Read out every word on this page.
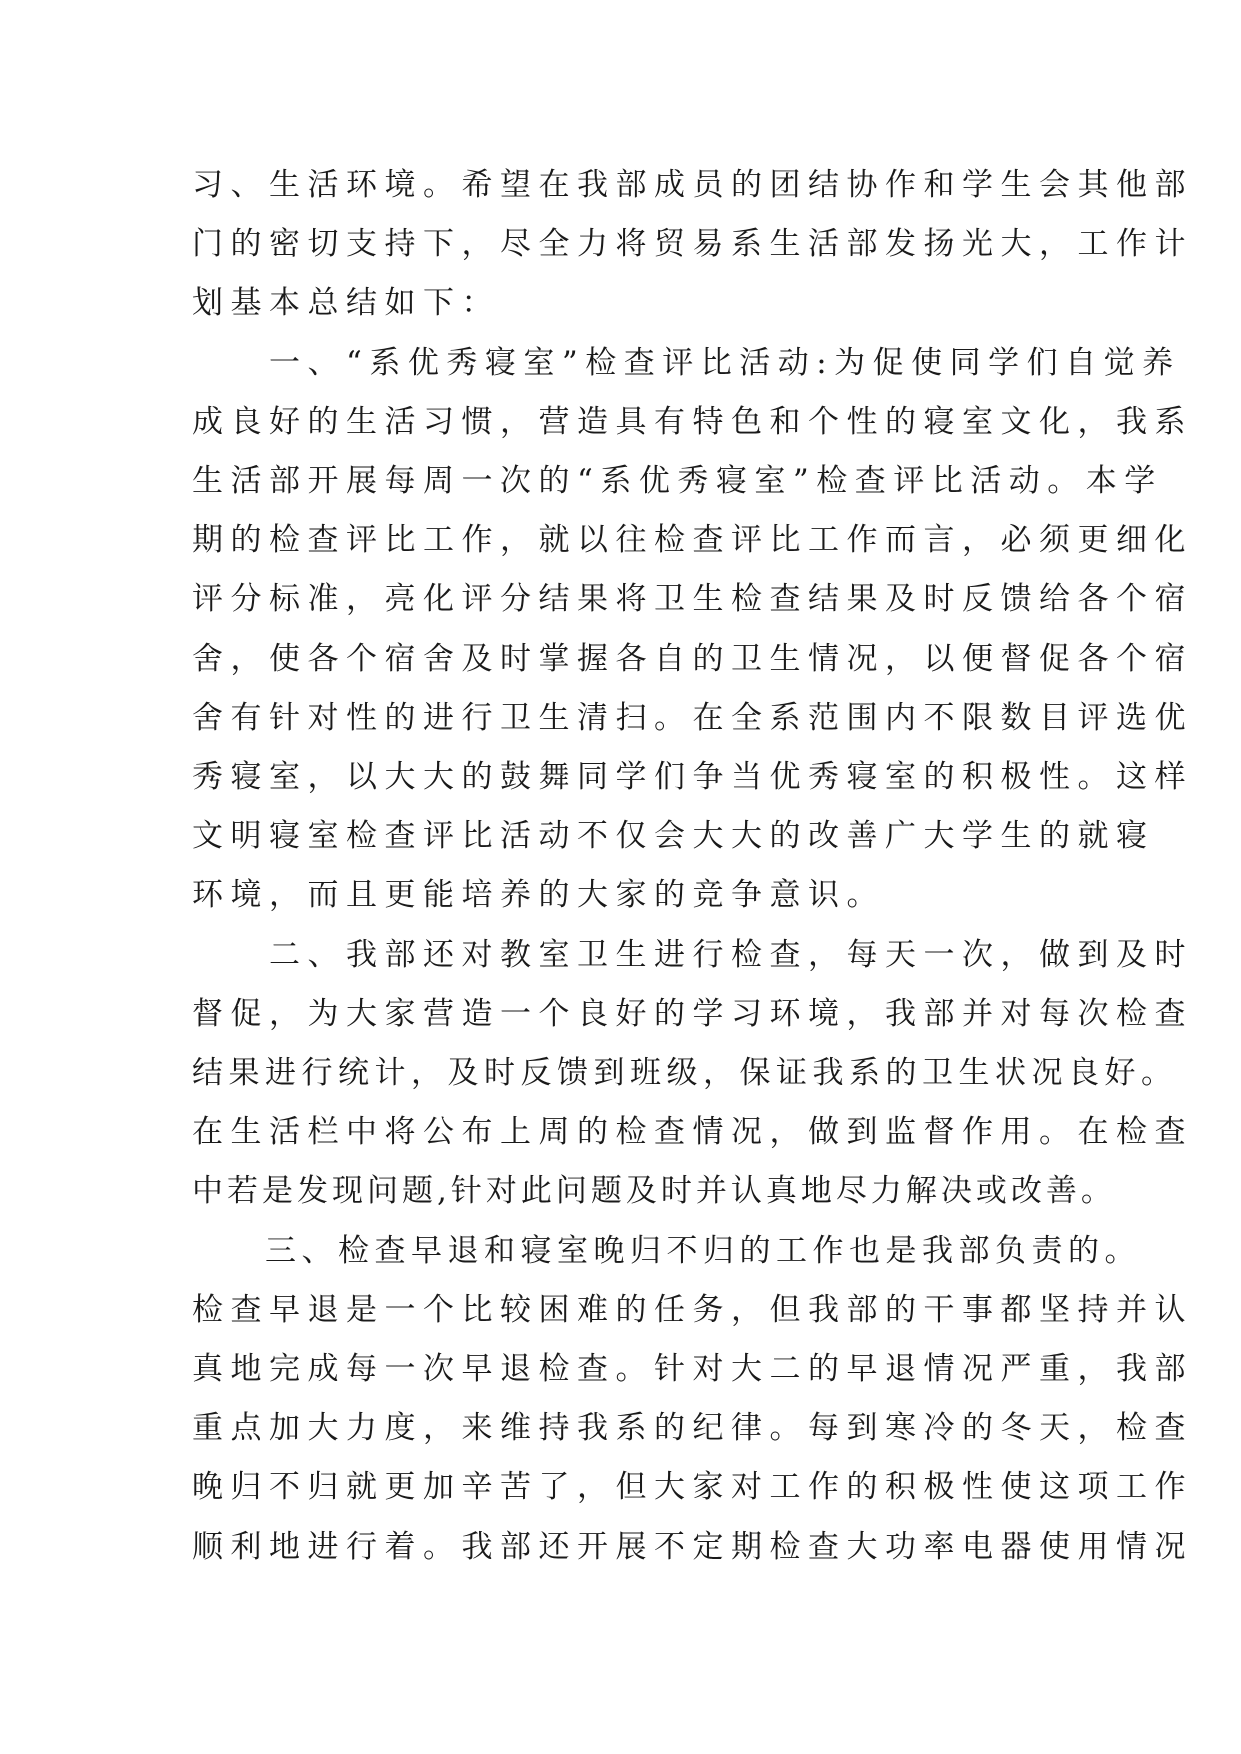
习、生活环境。希望在我部成员的团结协作和学生会其他部
门的密切支持下，尽全力将贸易系生活部发扬光大，工作计
划基本总结如下：
　　一、“系优秀寝室”检查评比活动:为促使同学们自觉养
成良好的生活习惯，营造具有特色和个性的寝室文化，我系
生活部开展每周一次的“系优秀寝室”检查评比活动。本学
期的检查评比工作，就以往检查评比工作而言，必须更细化
评分标准，亮化评分结果将卫生检查结果及时反馈给各个宿
舍，使各个宿舍及时掌握各自的卫生情况，以便督促各个宿
舍有针对性的进行卫生清扫。在全系范围内不限数目评选优
秀寝室，以大大的鼓舞同学们争当优秀寝室的积极性。这样
文明寝室检查评比活动不仅会大大的改善广大学生的就寝
环境，而且更能培养的大家的竞争意识。
　　二、我部还对教室卫生进行检查，每天一次，做到及时
督促，为大家营造一个良好的学习环境，我部并对每次检查
结果进行统计，及时反馈到班级，保证我系的卫生状况良好。
在生活栏中将公布上周的检查情况，做到监督作用。在检查
中若是发现问题,针对此问题及时并认真地尽力解决或改善。
　　三、检查早退和寝室晚归不归的工作也是我部负责的。
检查早退是一个比较困难的任务，但我部的干事都坚持并认
真地完成每一次早退检查。针对大二的早退情况严重，我部
重点加大力度，来维持我系的纪律。每到寒冷的冬天，检查
晚归不归就更加辛苦了，但大家对工作的积极性使这项工作
顺利地进行着。我部还开展不定期检查大功率电器使用情况
